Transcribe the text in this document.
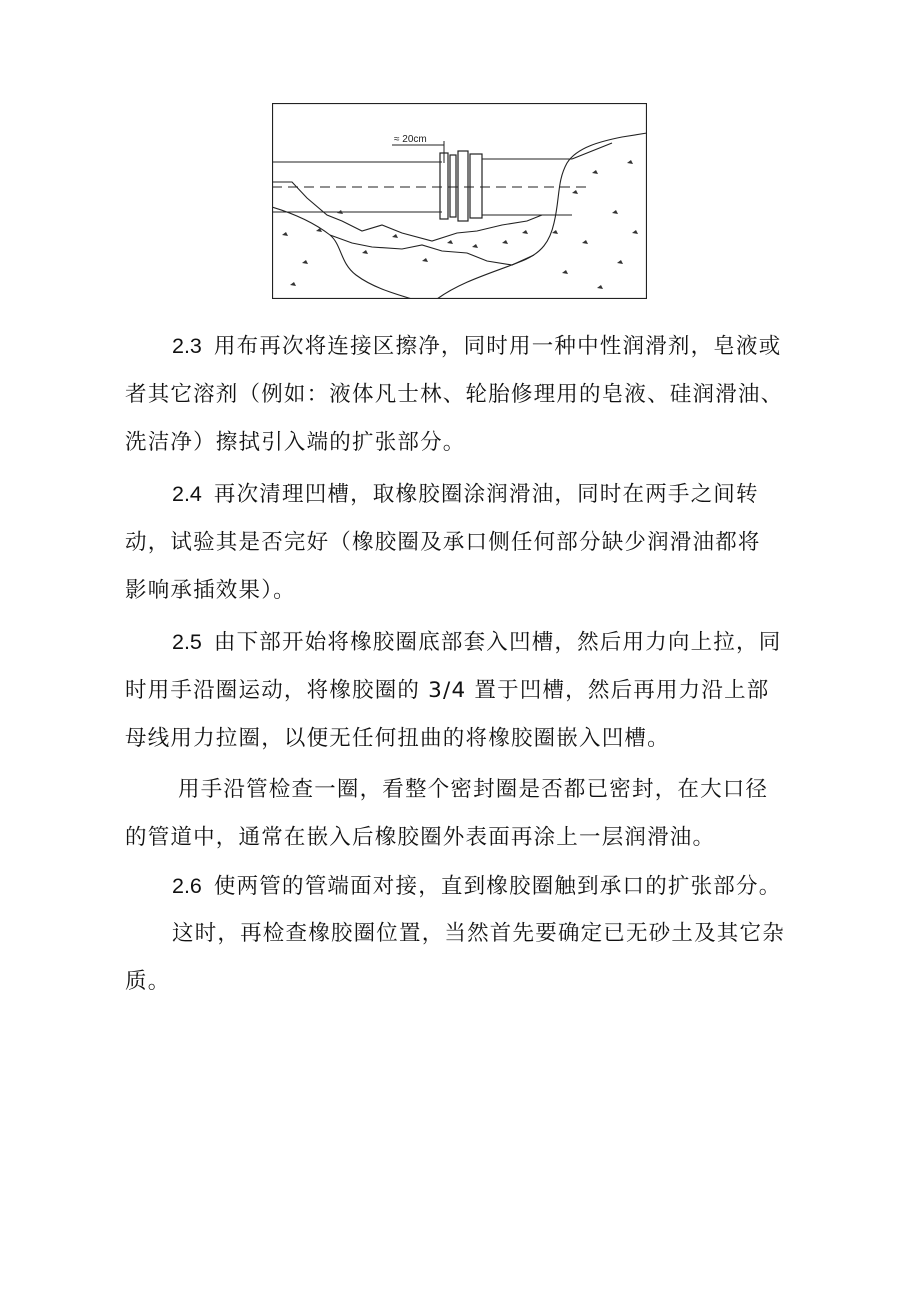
≈ 20cm

2.3 用布再次将连接区擦净，同时用一种中性润滑剂，皂液或
者其它溶剂（例如：液体凡士林、轮胎修理用的皂液、硅润滑油、
洗洁净）擦拭引入端的扩张部分。

2.4 再次清理凹槽，取橡胶圈涂润滑油，同时在两手之间转
动，试验其是否完好（橡胶圈及承口侧任何部分缺少润滑油都将
影响承插效果）。

2.5 由下部开始将橡胶圈底部套入凹槽，然后用力向上拉，同
时用手沿圈运动，将橡胶圈的 3/4 置于凹槽，然后再用力沿上部
母线用力拉圈，以便无任何扭曲的将橡胶圈嵌入凹槽。

用手沿管检查一圈，看整个密封圈是否都已密封，在大口径
的管道中，通常在嵌入后橡胶圈外表面再涂上一层润滑油。

2.6 使两管的管端面对接，直到橡胶圈触到承口的扩张部分。

这时，再检查橡胶圈位置，当然首先要确定已无砂土及其它杂
质。
